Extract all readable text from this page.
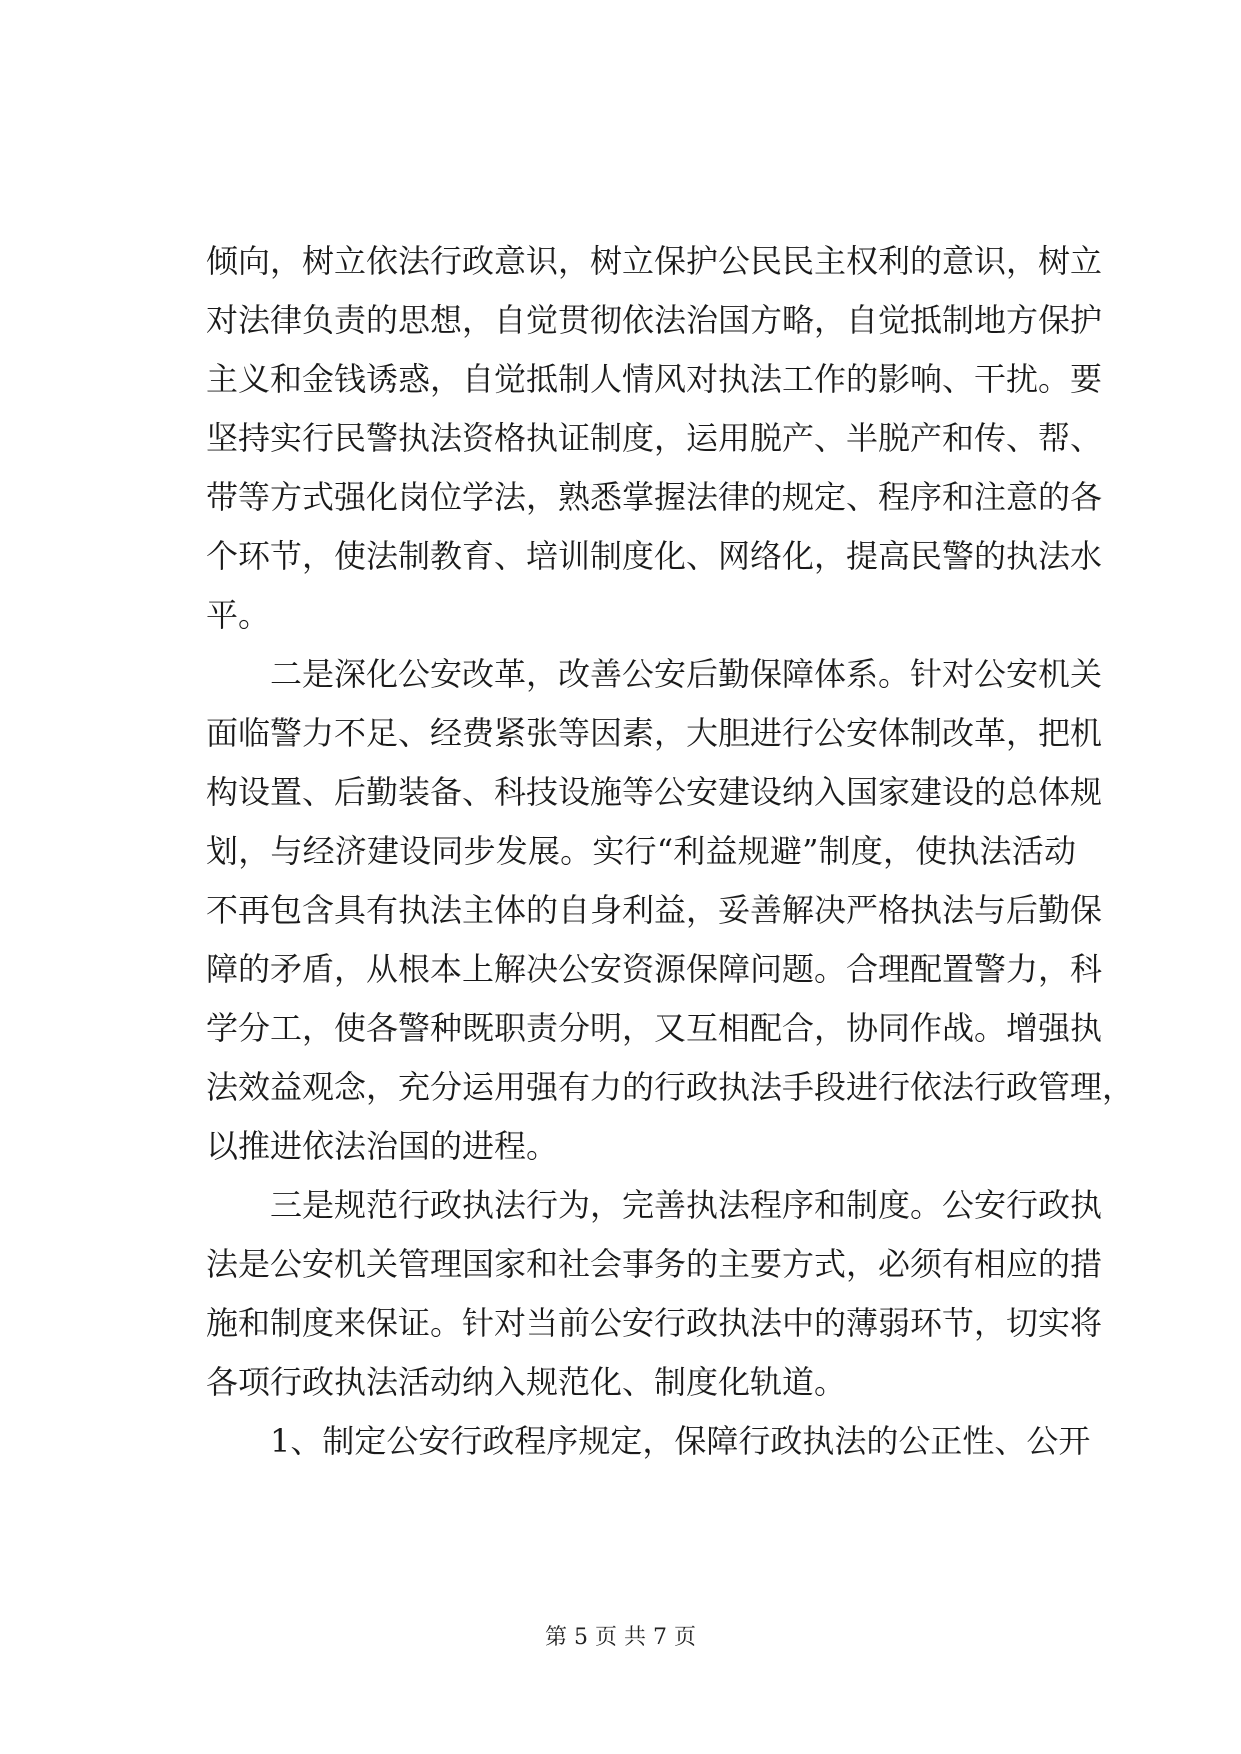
倾向，树立依法行政意识，树立保护公民民主权利的意识，树立
对法律负责的思想，自觉贯彻依法治国方略，自觉抵制地方保护
主义和金钱诱惑，自觉抵制人情风对执法工作的影响、干扰。要
坚持实行民警执法资格执证制度，运用脱产、半脱产和传、帮、
带等方式强化岗位学法，熟悉掌握法律的规定、程序和注意的各
个环节，使法制教育、培训制度化、网络化，提高民警的执法水
平。
二是深化公安改革，改善公安后勤保障体系。针对公安机关
面临警力不足、经费紧张等因素，大胆进行公安体制改革，把机
构设置、后勤装备、科技设施等公安建设纳入国家建设的总体规
划，与经济建设同步发展。实行“利益规避”制度，使执法活动
不再包含具有执法主体的自身利益，妥善解决严格执法与后勤保
障的矛盾，从根本上解决公安资源保障问题。合理配置警力，科
学分工，使各警种既职责分明，又互相配合，协同作战。增强执
法效益观念，充分运用强有力的行政执法手段进行依法行政管理，
以推进依法治国的进程。
三是规范行政执法行为，完善执法程序和制度。公安行政执
法是公安机关管理国家和社会事务的主要方式，必须有相应的措
施和制度来保证。针对当前公安行政执法中的薄弱环节，切实将
各项行政执法活动纳入规范化、制度化轨道。
1、制定公安行政程序规定，保障行政执法的公正性、公开
第 5 页 共 7 页
